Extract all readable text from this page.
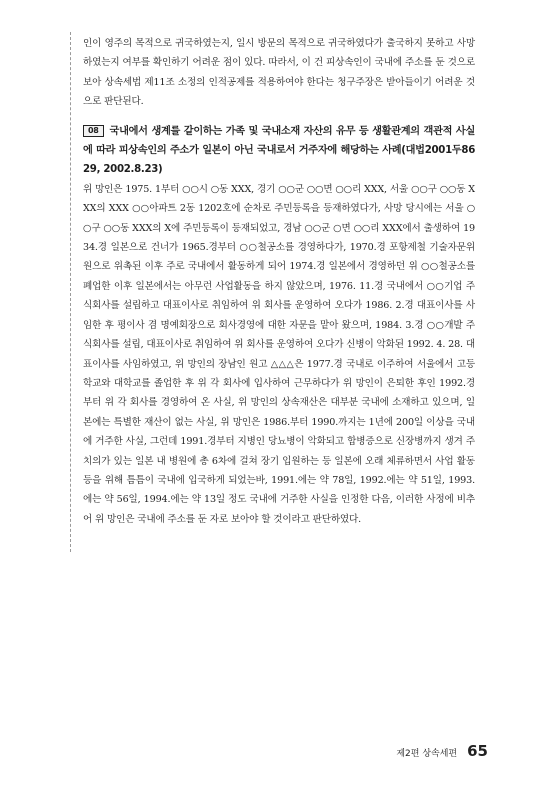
인이 영주의 목적으로 귀국하였는지, 일시 방문의 목적으로 귀국하였다가 출국하지 못하고 사망하였는지 여부를 확인하기 어려운 점이 있다. 따라서, 이 건 피상속인이 국내에 주소를 둔 것으로 보아 상속세법 제11조 소정의 인적공제를 적용하여야 한다는 청구주장은 받아들이기 어려운 것으로 판단된다.

08 국내에서 생계를 같이하는 가족 및 국내소재 자산의 유무 등 생활관계의 객관적 사실에 따라 피상속인의 주소가 일본이 아닌 국내로서 거주자에 해당하는 사례(대법2001두8629, 2002.8.23)

위 망인은 1975. 1부터 ○○시 ○동 XXX, 경기 ○○군 ○○면 ○○리 XXX, 서울 ○○구 ○○동 XXX의 XXX ○○아파트 2동 1202호에 순차로 주민등록을 등재하였다가, 사망 당시에는 서울 ○○구 ○○동 XXX의 X에 주민등록이 등재되었고, 경남 ○○군 ○면 ○○리 XXX에서 출생하여 1934.경 일본으로 건너가 1965.경부터 ○○철공소를 경영하다가, 1970.경 포항제철 기술자문위원으로 위촉된 이후 주로 국내에서 활동하게 되어 1974.경 일본에서 경영하던 위 ○○철공소를 폐업한 이후 일본에서는 아무런 사업활동을 하지 않았으며, 1976. 11.경 국내에서 ○○기업 주식회사를 설립하고 대표이사로 취임하여 위 회사를 운영하여 오다가 1986. 2.경 대표이사를 사임한 후 평이사 겸 명예회장으로 회사경영에 대한 자문을 맡아 왔으며, 1984. 3.경 ○○개발 주식회사를 설립, 대표이사로 취임하여 위 회사를 운영하여 오다가 신병이 악화된 1992. 4. 28. 대표이사를 사임하였고, 위 망인의 장남인 원고 △△△은 1977.경 국내로 이주하여 서울에서 고등학교와 대학교를 졸업한 후 위 각 회사에 입사하여 근무하다가 위 망인이 은퇴한 후인 1992.경부터 위 각 회사를 경영하여 온 사실, 위 망인의 상속재산은 대부분 국내에 소재하고 있으며, 일본에는 특별한 재산이 없는 사실, 위 망인은 1986.부터 1990.까지는 1년에 200일 이상을 국내에 거주한 사실, 그런데 1991.경부터 지병인 당뇨병이 악화되고 합병증으로 신장병까지 생겨 주치의가 있는 일본 내 병원에 총 6차에 걸쳐 장기 입원하는 등 일본에 오래 체류하면서 사업 활동 등을 위해 틈틈이 국내에 입국하게 되었는바, 1991.에는 약 78일, 1992.에는 약 51일, 1993.에는 약 56일, 1994.에는 약 13일 정도 국내에 거주한 사실을 인정한 다음, 이러한 사정에 비추어 위 망인은 국내에 주소를 둔 자로 보아야 할 것이라고 판단하였다.

제2편 상속세편 65
